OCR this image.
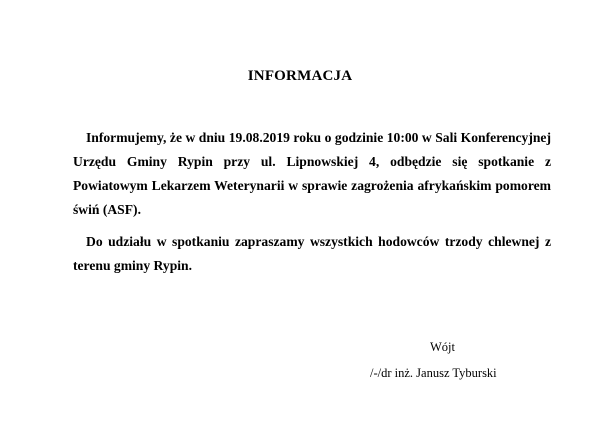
INFORMACJA

Informujemy, że w dniu 19.08.2019 roku o godzinie 10:00 w Sali Konferencyjnej Urzędu Gminy Rypin przy ul. Lipnowskiej 4, odbędzie się spotkanie z Powiatowym Lekarzem Weterynarii w sprawie zagrożenia afrykańskim pomorem świń (ASF).

Do udziału w spotkaniu zapraszamy wszystkich hodowców trzody chlewnej z terenu gminy Rypin.

Wójt
/-/dr inż. Janusz Tyburski
